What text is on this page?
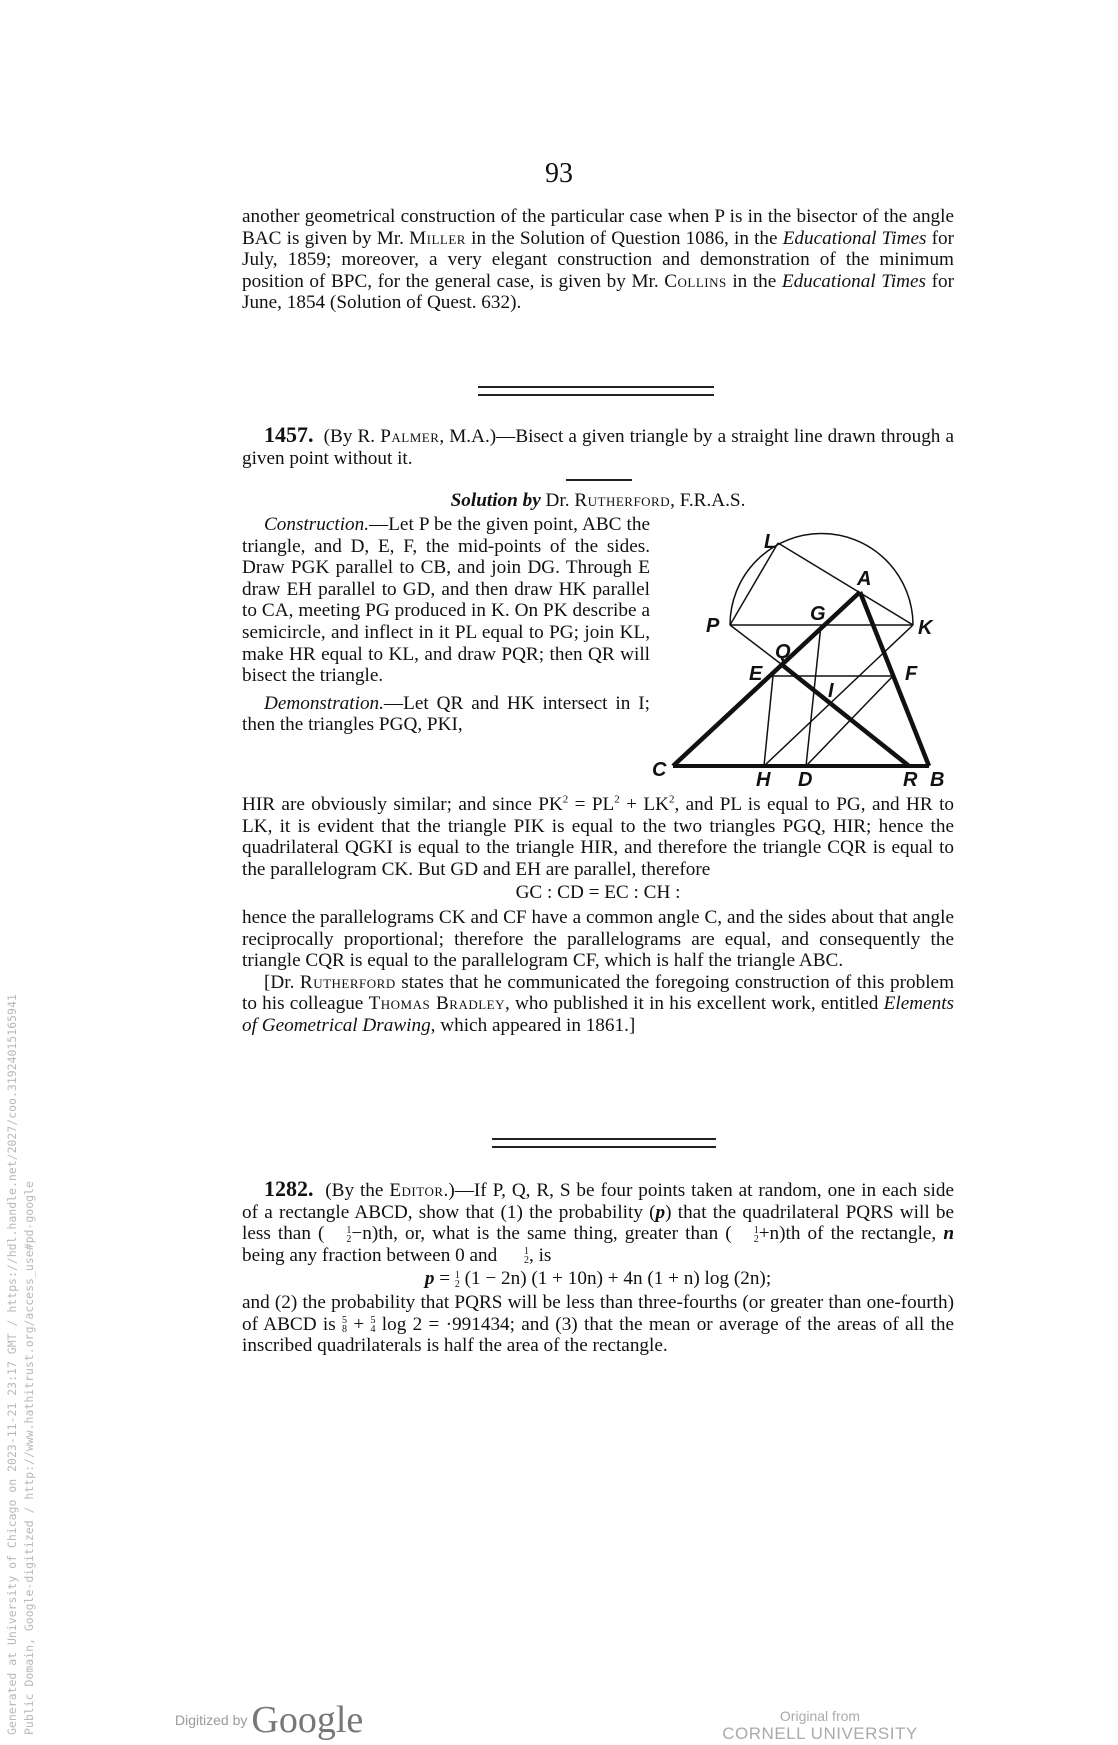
93

another geometrical construction of the particular case when P is in the bisector of the angle BAC is given by Mr. Miller in the Solution of Question 1086, in the Educational Times for July, 1859; moreover, a very elegant construction and demonstration of the minimum position of BPC, for the general case, is given by Mr. Collins in the Educational Times for June, 1854 (Solution of Quest. 632).

1457. (By R. Palmer, M.A.)—Bisect a given triangle by a straight line drawn through a given point without it.

Solution by Dr. Rutherford, F.R.A.S.

Construction.—Let P be the given point, ABC the triangle, and D, E, F, the mid-points of the sides. Draw PGK parallel to CB, and join DG. Through E draw EH parallel to GD, and then draw HK parallel to CA, meeting PG produced in K. On PK describe a semicircle, and inflect in it PL equal to PG; join KL, make HR equal to KL, and draw PQR; then QR will bisect the triangle.

Demonstration.—Let QR and HK intersect in I; then the triangles PGQ, PKI,

L
A
P
G
K
Q
E	F
I
C	H D	R B

HIR are obviously similar; and since $PK^2 = PL^2 + LK^2$, and PL is equal to PG, and HR to LK, it is evident that the triangle PIK is equal to the two triangles PGQ, HIR; hence the quadrilateral QGKI is equal to the triangle HIR, and therefore the triangle CQR is equal to the parallelogram CK. But GD and EH are parallel, therefore

GC : CD = EC : CH :

hence the parallelograms CK and CF have a common angle C, and the sides about that angle reciprocally proportional; therefore the parallelograms are equal, and consequently the triangle CQR is equal to the parallelogram CF, which is half the triangle ABC.

[Dr. Rutherford states that he communicated the foregoing construction of this problem to his colleague Thomas Bradley, who published it in his excellent work, entitled Elements of Geometrical Drawing, which appeared in 1861.]

1282. (By the Editor.)—If P, Q, R, S be four points taken at random, one in each side of a rectangle ABCD, show that (1) the probability (p) that the quadrilateral PQRS will be less than (	1
2 −n)th, or, what is the same thing, greater than (	1
2 +n)th of the rectangle, n being any fraction between 0 and	1
2 , is

p = 1
2 (1 − 2n) (1 + 10n) + 4n (1 + n) log (2n);

and (2) the probability that PQRS will be less than three-fourths (or greater than one-fourth) of ABCD is 5
8 + 5
4 log 2 = ·991434; and (3) that the mean or average of the areas of all the inscribed quadrilaterals is half the area of the rectangle.

Generated at University of Chicago on 2023-11-21 23:17 GMT / https://hdl.handle.net/2027/coo.31924015165941 Public Domain, Google-digitized / http://www.hathitrust.org/access_use#pd-google	Digitized by Google	Original from
CORNELL UNIVERSITY
